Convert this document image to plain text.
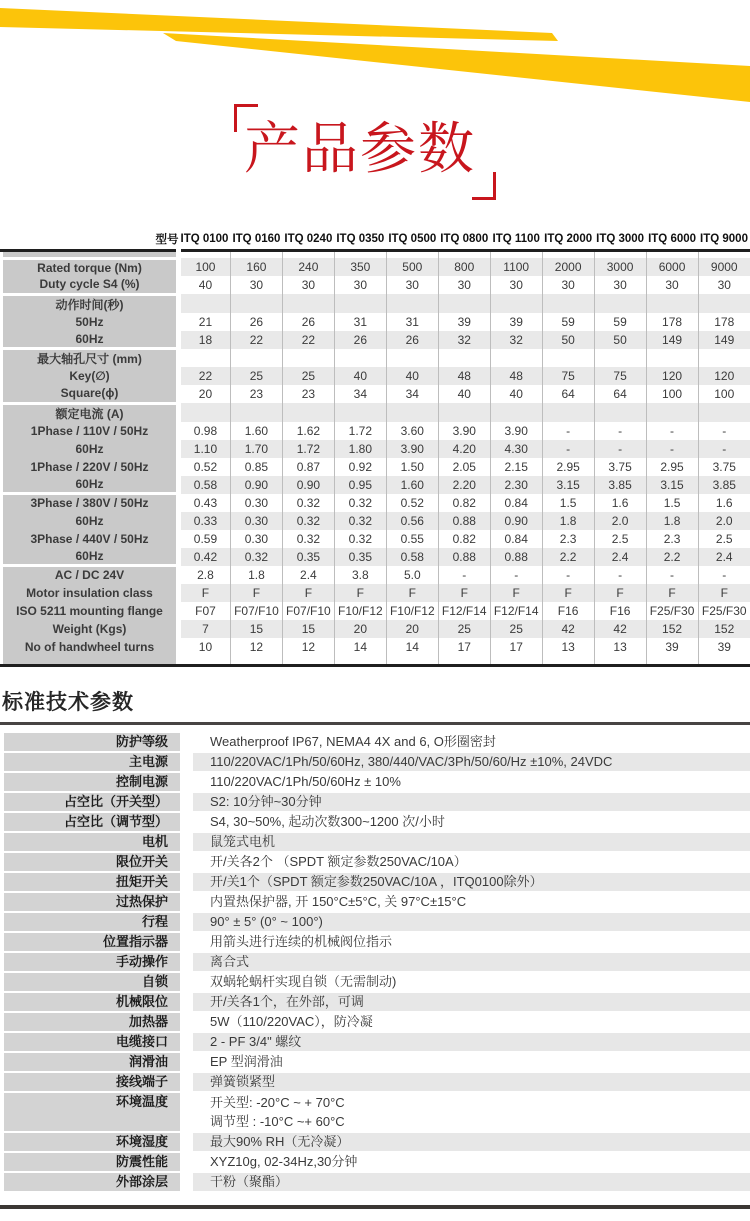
产品参数
型号	ITQ 0100	ITQ 0160	ITQ 0240	ITQ 0350	ITQ 0500	ITQ 0800	ITQ 1100	ITQ 2000	ITQ 3000	ITQ 6000	ITQ 9000

Rated torque (Nm)	100	160	240	350	500	800	1100	2000	3000	6000	9000
Duty cycle S4 (%)	40	30	30	30	30	30	30	30	30	30	30
动作时间(秒)											
50Hz	21	26	26	31	31	39	39	59	59	178	178
60Hz	18	22	22	26	26	32	32	50	50	149	149
最大轴孔尺寸 (mm)											
Key(∅)	22	25	25	40	40	48	48	75	75	120	120
Square(ɸ)	20	23	23	34	34	40	40	64	64	100	100
额定电流 (A)											
1Phase / 110V / 50Hz	0.98	1.60	1.62	1.72	3.60	3.90	3.90	-	-	-	-
60Hz	1.10	1.70	1.72	1.80	3.90	4.20	4.30	-	-	-	-
1Phase / 220V / 50Hz	0.52	0.85	0.87	0.92	1.50	2.05	2.15	2.95	3.75	2.95	3.75
60Hz	0.58	0.90	0.90	0.95	1.60	2.20	2.30	3.15	3.85	3.15	3.85
3Phase / 380V / 50Hz	0.43	0.30	0.32	0.32	0.52	0.82	0.84	1.5	1.6	1.5	1.6
60Hz	0.33	0.30	0.32	0.32	0.56	0.88	0.90	1.8	2.0	1.8	2.0
3Phase / 440V / 50Hz	0.59	0.30	0.32	0.32	0.55	0.82	0.84	2.3	2.5	2.3	2.5
60Hz	0.42	0.32	0.35	0.35	0.58	0.88	0.88	2.2	2.4	2.2	2.4
AC / DC 24V	2.8	1.8	2.4	3.8	5.0	-	-	-	-	-	-
Motor insulation class	F	F	F	F	F	F	F	F	F	F	F
ISO 5211 mounting flange	F07	F07/F10	F07/F10	F10/F12	F10/F12	F12/F14	F12/F14	F16	F16	F25/F30	F25/F30
Weight (Kgs)	7	15	15	20	20	25	25	42	42	152	152
No of handwheel turns	10	12	12	14	14	17	17	13	13	39	39

标准技术参数
防护等级	Weatherproof IP67, NEMA4 4X and 6, O形圈密封
主电源	110/220VAC/1Ph/50/60Hz, 380/440/VAC/3Ph/50/60/Hz ±10%, 24VDC
控制电源	110/220VAC/1Ph/50/60Hz ± 10%
占空比（开关型）	S2: 10分钟~30分钟
占空比（调节型）	S4, 30~50%, 起动次数300~1200 次/小时
电机	鼠笼式电机
限位开关	开/关各2个 （SPDT 额定参数250VAC/10A）
扭矩开关	开/关1个（SPDT 额定参数250VAC/10A ，ITQ0100除外）
过热保护	内置热保护器, 开 150°C±5°C, 关 97°C±15°C
行程	90° ± 5° (0° ~ 100°)
位置指示器	用箭头进行连续的机械阀位指示
手动操作	离合式
自锁	双蜗轮蜗杆实现自锁（无需制动)
机械限位	开/关各1个，在外部，可调
加热器	5W（110/220VAC），防冷凝
电缆接口	2 - PF 3/4" 螺纹
润滑油	EP 型润滑油
接线端子	弹簧锁紧型
环境温度	开关型: -20°C ~ + 70°C
调节型 : -10°C ~+ 60°C
环境湿度	最大90% RH（无冷凝）
防震性能	XYZ10g, 02-34Hz,30分钟
外部涂层	干粉（聚酯）
